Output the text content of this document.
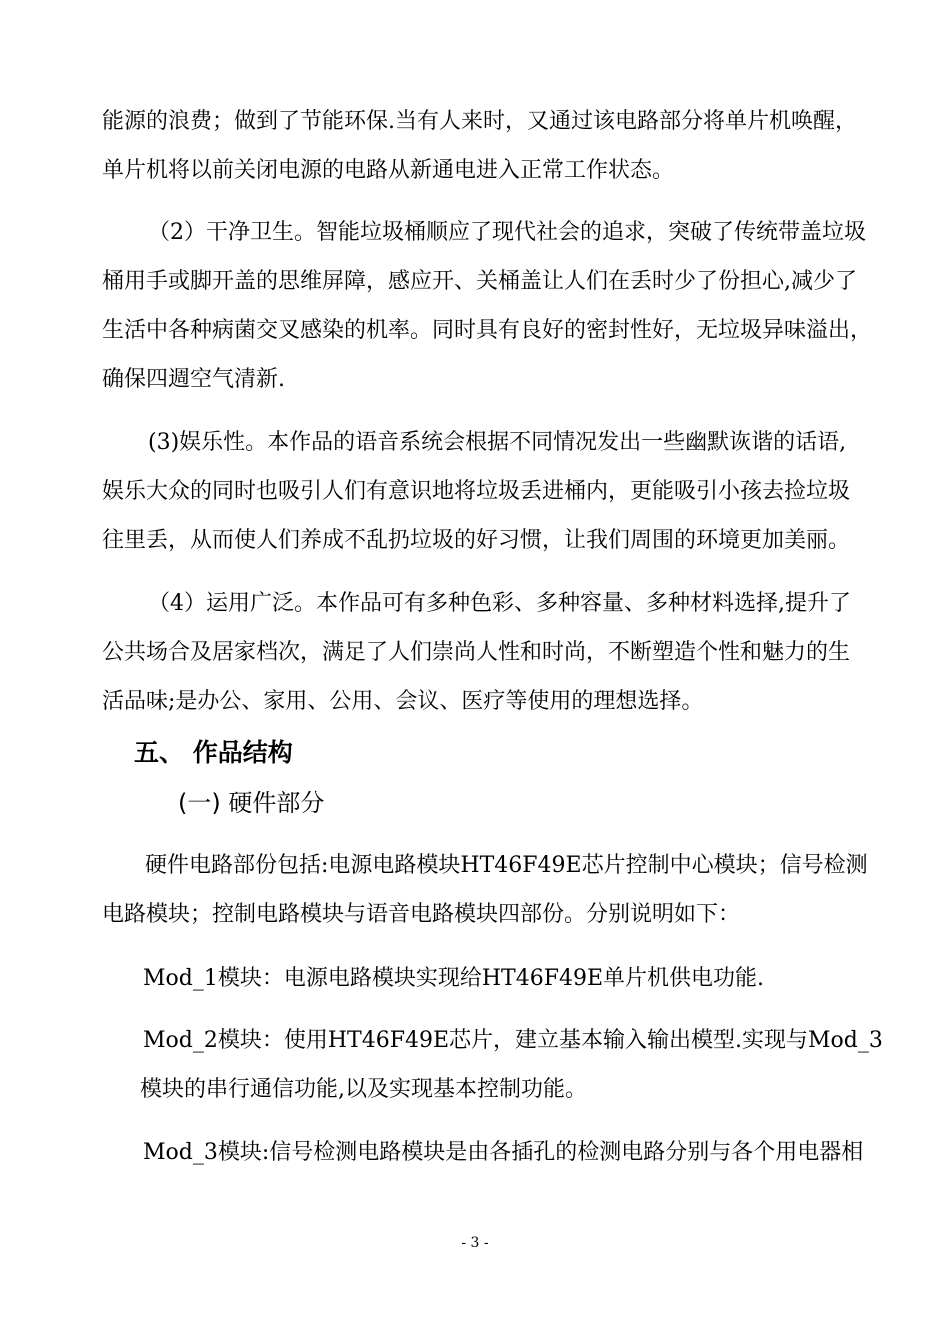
能源的浪费；做到了节能环保.当有人来时，又通过该电路部分将单片机唤醒，
单片机将以前关闭电源的电路从新通电进入正常工作状态。
（2）干净卫生。智能垃圾桶顺应了现代社会的追求，突破了传统带盖垃圾
桶用手或脚开盖的思维屏障，感应开、关桶盖让人们在丢时少了份担心,减少了
生活中各种病菌交叉感染的机率。同时具有良好的密封性好，无垃圾异味溢出，
确保四週空气清新.
(3)娱乐性。本作品的语音系统会根据不同情况发出一些幽默诙谐的话语,
娱乐大众的同时也吸引人们有意识地将垃圾丢进桶内，更能吸引小孩去捡垃圾
往里丢，从而使人们养成不乱扔垃圾的好习惯，让我们周围的环境更加美丽。
（4）运用广泛。本作品可有多种色彩、多种容量、多种材料选择,提升了
公共场合及居家档次，满足了人们崇尚人性和时尚，不断塑造个性和魅力的生
活品味;是办公、家用、公用、会议、医疗等使用的理想选择。
五、 作品结构
(一) 硬件部分
硬件电路部份包括:电源电路模块HT46F49E芯片控制中心模块；信号检测
电路模块；控制电路模块与语音电路模块四部份。分别说明如下：
Mod_1模块：电源电路模块实现给HT46F49E单片机供电功能.
Mod_2模块：使用HT46F49E芯片，建立基本输入输出模型.实现与Mod_3
模块的串行通信功能,以及实现基本控制功能。
Mod_3模块:信号检测电路模块是由各插孔的检测电路分别与各个用电器相
- 3 -
